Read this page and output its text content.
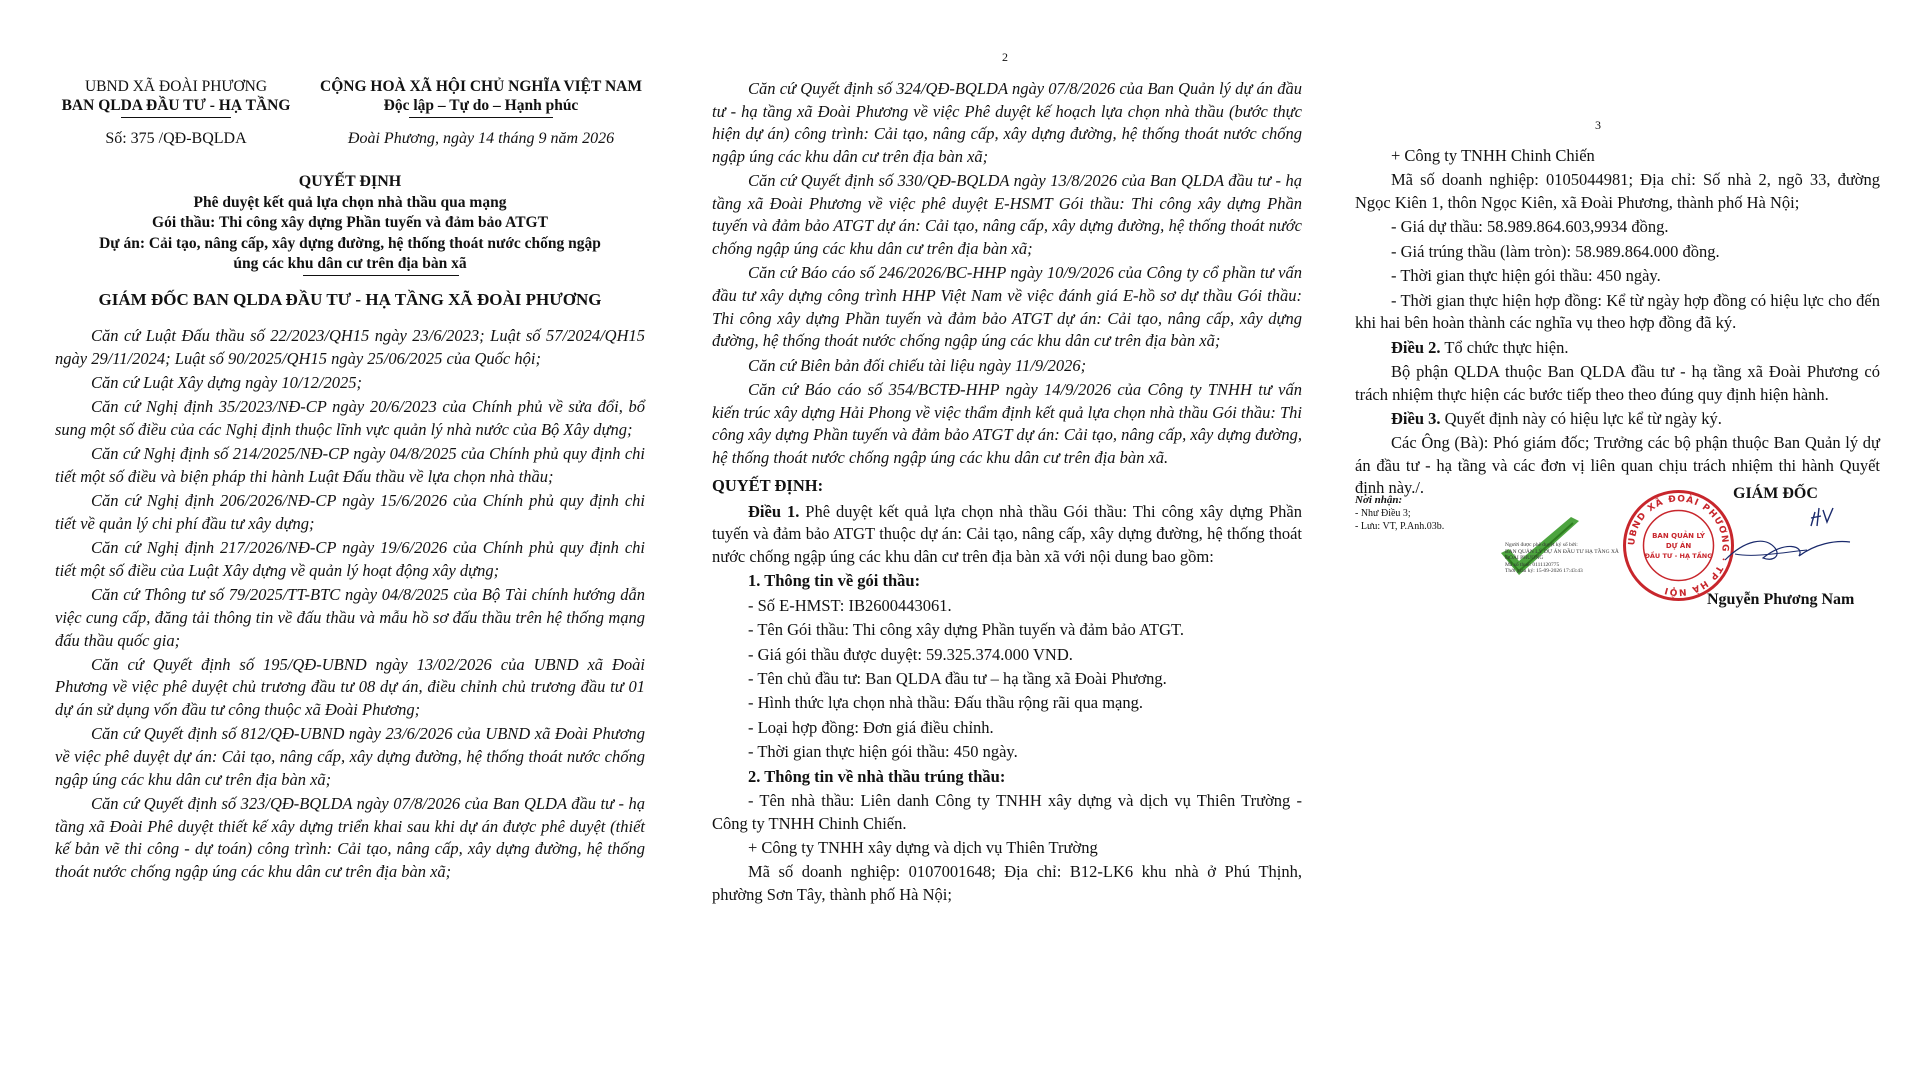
UBND XÃ ĐOÀI PHƯƠNG
BAN QLDA ĐẦU TƯ - HẠ TẦNG
Số: 375 /QĐ-BQLDA
CỘNG HOÀ XÃ HỘI CHỦ NGHĨA VIỆT NAM
Độc lập – Tự do – Hạnh phúc
Đoài Phương, ngày 14 tháng 9 năm 2026
QUYẾT ĐỊNH
Phê duyệt kết quả lựa chọn nhà thầu qua mạng
Gói thầu: Thi công xây dựng Phần tuyến và đảm bảo ATGT
Dự án: Cải tạo, nâng cấp, xây dựng đường, hệ thống thoát nước chống ngập
úng các khu dân cư trên địa bàn xã
GIÁM ĐỐC BAN QLDA ĐẦU TƯ - HẠ TẦNG XÃ ĐOÀI PHƯƠNG

Căn cứ Luật Đấu thầu số 22/2023/QH15 ngày 23/6/2023; Luật số 57/2024/QH15 ngày 29/11/2024; Luật số 90/2025/QH15 ngày 25/06/2025 của Quốc hội;

Căn cứ Luật Xây dựng ngày 10/12/2025;

Căn cứ Nghị định 35/2023/NĐ-CP ngày 20/6/2023 của Chính phủ về sửa đổi, bổ sung một số điều của các Nghị định thuộc lĩnh vực quản lý nhà nước của Bộ Xây dựng;

Căn cứ Nghị định số 214/2025/NĐ-CP ngày 04/8/2025 của Chính phủ quy định chi tiết một số điều và biện pháp thi hành Luật Đấu thầu về lựa chọn nhà thầu;

Căn cứ Nghị định 206/2026/NĐ-CP ngày 15/6/2026 của Chính phủ quy định chi tiết về quản lý chi phí đầu tư xây dựng;

Căn cứ Nghị định 217/2026/NĐ-CP ngày 19/6/2026 của Chính phủ quy định chi tiết một số điều của Luật Xây dựng về quản lý hoạt động xây dựng;

Căn cứ Thông tư số 79/2025/TT-BTC ngày 04/8/2025 của Bộ Tài chính hướng dẫn việc cung cấp, đăng tải thông tin về đấu thầu và mẫu hồ sơ đấu thầu trên hệ thống mạng đấu thầu quốc gia;

Căn cứ Quyết định số 195/QĐ-UBND ngày 13/02/2026 của UBND xã Đoài Phương về việc phê duyệt chủ trương đầu tư 08 dự án, điều chỉnh chủ trương đầu tư 01 dự án sử dụng vốn đầu tư công thuộc xã Đoài Phương;

Căn cứ Quyết định số 812/QĐ-UBND ngày 23/6/2026 của UBND xã Đoài Phương về việc phê duyệt dự án: Cải tạo, nâng cấp, xây dựng đường, hệ thống thoát nước chống ngập úng các khu dân cư trên địa bàn xã;

Căn cứ Quyết định số 323/QĐ-BQLDA ngày 07/8/2026 của Ban QLDA đầu tư - hạ tầng xã Đoài Phê duyệt thiết kế xây dựng triển khai sau khi dự án được phê duyệt (thiết kế bản vẽ thi công - dự toán) công trình: Cải tạo, nâng cấp, xây dựng đường, hệ thống thoát nước chống ngập úng các khu dân cư trên địa bàn xã;

2

Căn cứ Quyết định số 324/QĐ-BQLDA ngày 07/8/2026 của Ban Quản lý dự án đầu tư - hạ tầng xã Đoài Phương về việc Phê duyệt kế hoạch lựa chọn nhà thầu (bước thực hiện dự án) công trình: Cải tạo, nâng cấp, xây dựng đường, hệ thống thoát nước chống ngập úng các khu dân cư trên địa bàn xã;

Căn cứ Quyết định số 330/QĐ-BQLDA ngày 13/8/2026 của Ban QLDA đầu tư - hạ tầng xã Đoài Phương về việc phê duyệt E-HSMT Gói thầu: Thi công xây dựng Phần tuyến và đảm bảo ATGT dự án: Cải tạo, nâng cấp, xây dựng đường, hệ thống thoát nước chống ngập úng các khu dân cư trên địa bàn xã;

Căn cứ Báo cáo số 246/2026/BC-HHP ngày 10/9/2026 của Công ty cổ phần tư vấn đầu tư xây dựng công trình HHP Việt Nam về việc đánh giá E-hồ sơ dự thầu Gói thầu: Thi công xây dựng Phần tuyến và đảm bảo ATGT dự án: Cải tạo, nâng cấp, xây dựng đường, hệ thống thoát nước chống ngập úng các khu dân cư trên địa bàn xã;

Căn cứ Biên bản đối chiếu tài liệu ngày 11/9/2026;

Căn cứ Báo cáo số 354/BCTĐ-HHP ngày 14/9/2026 của Công ty TNHH tư vấn kiến trúc xây dựng Hải Phong về việc thẩm định kết quả lựa chọn nhà thầu Gói thầu: Thi công xây dựng Phần tuyến và đảm bảo ATGT dự án: Cải tạo, nâng cấp, xây dựng đường, hệ thống thoát nước chống ngập úng các khu dân cư trên địa bàn xã.

QUYẾT ĐỊNH:

Điều 1. Phê duyệt kết quả lựa chọn nhà thầu Gói thầu: Thi công xây dựng Phần tuyến và đảm bảo ATGT thuộc dự án: Cải tạo, nâng cấp, xây dựng đường, hệ thống thoát nước chống ngập úng các khu dân cư trên địa bàn xã với nội dung bao gồm:

1. Thông tin về gói thầu:

- Số E-HMST: IB2600443061.

- Tên Gói thầu: Thi công xây dựng Phần tuyến và đảm bảo ATGT.

- Giá gói thầu được duyệt: 59.325.374.000 VND.

- Tên chủ đầu tư: Ban QLDA đầu tư – hạ tầng xã Đoài Phương.

- Hình thức lựa chọn nhà thầu: Đấu thầu rộng rãi qua mạng.

- Loại hợp đồng: Đơn giá điều chỉnh.

- Thời gian thực hiện gói thầu: 450 ngày.

2. Thông tin về nhà thầu trúng thầu:

- Tên nhà thầu: Liên danh Công ty TNHH xây dựng và dịch vụ Thiên Trường - Công ty TNHH Chinh Chiến.

+ Công ty TNHH xây dựng và dịch vụ Thiên Trường

Mã số doanh nghiệp: 0107001648; Địa chỉ: B12-LK6 khu nhà ở Phú Thịnh, phường Sơn Tây, thành phố Hà Nội;

3

+ Công ty TNHH Chinh Chiến

Mã số doanh nghiệp: 0105044981; Địa chỉ: Số nhà 2, ngõ 33, đường Ngọc Kiên 1, thôn Ngọc Kiên, xã Đoài Phương, thành phố Hà Nội;

- Giá dự thầu: 58.989.864.603,9934 đồng.

- Giá trúng thầu (làm tròn): 58.989.864.000 đồng.

- Thời gian thực hiện gói thầu: 450 ngày.

- Thời gian thực hiện hợp đồng: Kể từ ngày hợp đồng có hiệu lực cho đến khi hai bên hoàn thành các nghĩa vụ theo hợp đồng đã ký.

Điều 2. Tổ chức thực hiện.

Bộ phận QLDA thuộc Ban QLDA đầu tư - hạ tầng xã Đoài Phương có trách nhiệm thực hiện các bước tiếp theo theo đúng quy định hiện hành.

Điều 3. Quyết định này có hiệu lực kể từ ngày ký.

Các Ông (Bà): Phó giám đốc; Trưởng các bộ phận thuộc Ban Quản lý dự án đầu tư - hạ tầng và các đơn vị liên quan chịu trách nhiệm thi hành Quyết định này./.

Nơi nhận:
- Như Điều 3;
- Lưu: VT, P.Anh.03b.
Người được phê duyệt ký số bởi:
BAN QUẢN LÝ DỰ ÁN ĐẦU TƯ HẠ TẦNG XÃ ĐOÀI PHƯƠNG
Mã số thuế: 0111120775
Thời gian ký: 15-09-2026 17:43:43
GIÁM ĐỐC
UBND XÃ ĐOÀI PHƯƠNG · TP HÀ NỘI
BAN QUẢN LÝ
DỰ ÁN
ĐẦU TƯ - HẠ TẦNG
Nguyễn Phương Nam
